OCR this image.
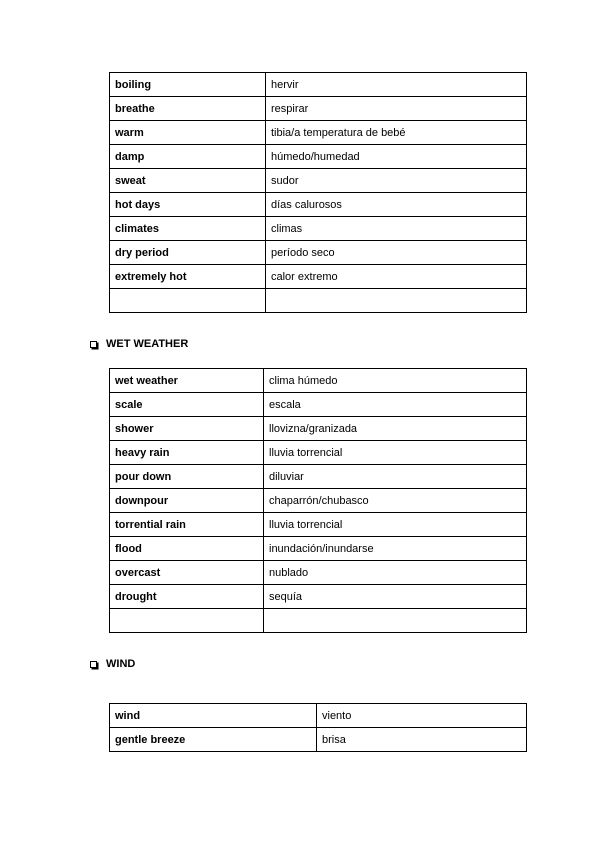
boiling	hervir
breathe	respirar
warm	tibia/a temperatura de bebé
damp	húmedo/humedad
sweat	sudor
hot days	días calurosos
climates	climas
dry period	período seco
extremely hot	calor extremo

WET WEATHER
wet weather	clima húmedo
scale	escala
shower	llovizna/granizada
heavy rain	lluvia torrencial
pour down	diluviar
downpour	chaparrón/chubasco
torrential rain	lluvia torrencial
flood	inundación/inundarse
overcast	nublado
drought	sequía

WIND
wind	viento
gentle breeze	brisa
